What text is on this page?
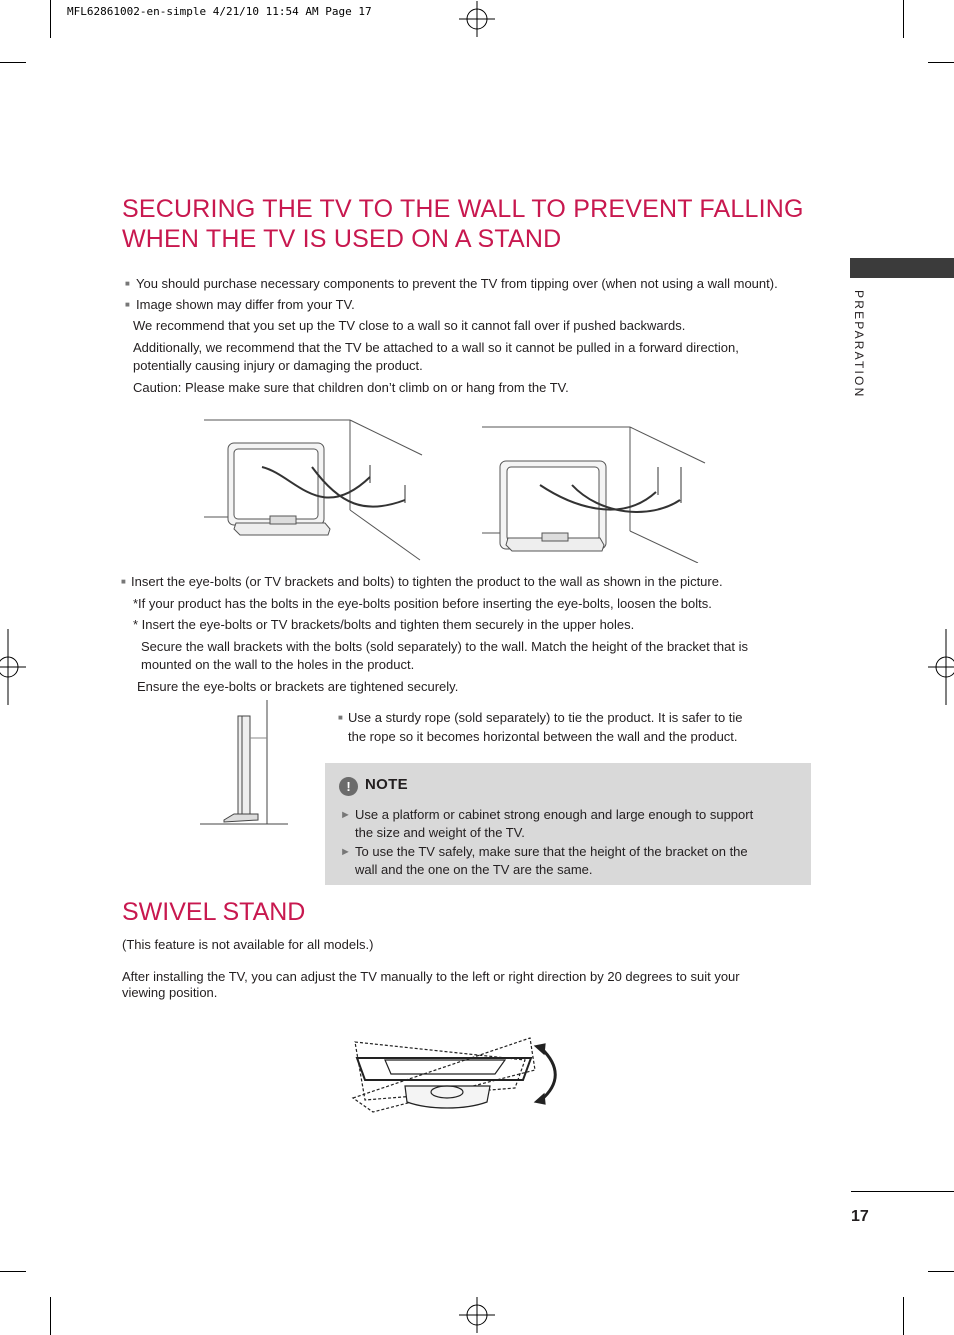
MFL62861002-en-simple 4/21/10 11:54 AM Page 17
PREPARATION
SECURING THE TV TO THE WALL TO PREVENT FALLING
WHEN THE TV IS USED ON A STAND
■ You should purchase necessary components to prevent the TV from tipping over (when not using a wall mount).
■ Image shown may differ from your TV.
We recommend that you set up the TV close to a wall so it cannot fall over if pushed backwards.
Additionally, we recommend that the TV be attached to a wall so it cannot be pulled in a forward direction,
potentially causing injury or damaging the product.
Caution: Please make sure that children don’t climb on or hang from the TV.
■ Insert the eye-bolts (or TV brackets and bolts) to tighten the product to the wall as shown in the picture.
*If your product has the bolts in the eye-bolts position before inserting the eye-bolts, loosen the bolts.
* Insert the eye-bolts or TV brackets/bolts and tighten them securely in the upper holes.
Secure the wall brackets with the bolts (sold separately) to the wall. Match the height of the bracket that is
mounted on the wall to the holes in the product.
Ensure the eye-bolts or brackets are tightened securely.
■ Use a sturdy rope (sold separately) to tie the product. It is safer to tie
the rope so it becomes horizontal between the wall and the product.
! NOTE
► Use a platform or cabinet strong enough and large enough to support
the size and weight of the TV.
► To use the TV safely, make sure that the height of the bracket on the
wall and the one on the TV are the same.
SWIVEL STAND
(This feature is not available for all models.)
After installing the TV, you can adjust the TV manually to the left or right direction by 20 degrees to suit your
viewing position.
17
